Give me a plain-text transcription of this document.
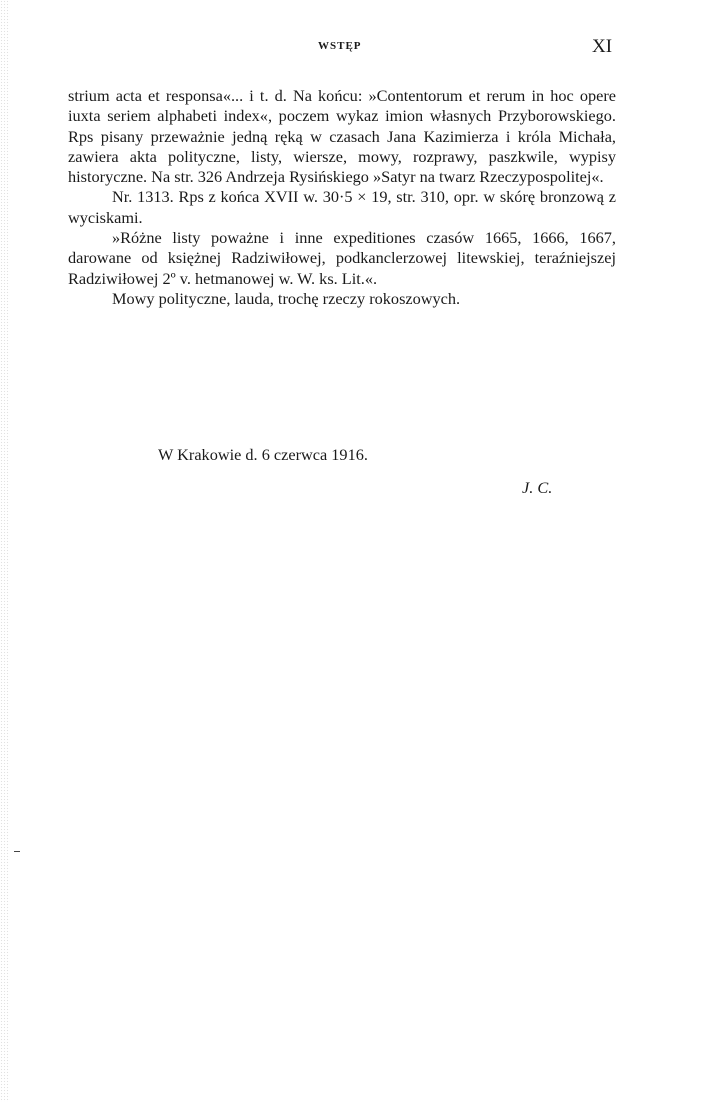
WSTĘP	XI

strium acta et responsa«... i t. d. Na końcu: »Contentorum et rerum in hoc opere iuxta seriem alphabeti index«, poczem wykaz imion własnych Przyborowskiego. Rps pisany przeważnie jedną ręką w czasach Jana Kazimierza i króla Michała, zawiera akta polityczne, listy, wiersze, mowy, rozprawy, paszkwile, wypisy historyczne. Na str. 326 Andrzeja Rysińskiego »Satyr na twarz Rzeczypospolitej«.

Nr. 1313. Rps z końca XVII w. 30·5 × 19, str. 310, opr. w skórę bronzową z wyciskami.

»Różne listy poważne i inne expeditiones czasów 1665, 1666, 1667, darowane od księżnej Radziwiłowej, podkanclerzowej litewskiej, teraźniejszej Radziwiłowej 2º v. hetmanowej w. W. ks. Lit.«.

Mowy polityczne, lauda, trochę rzeczy rokoszowych.

W Krakowie d. 6 czerwca 1916.
J. C.
